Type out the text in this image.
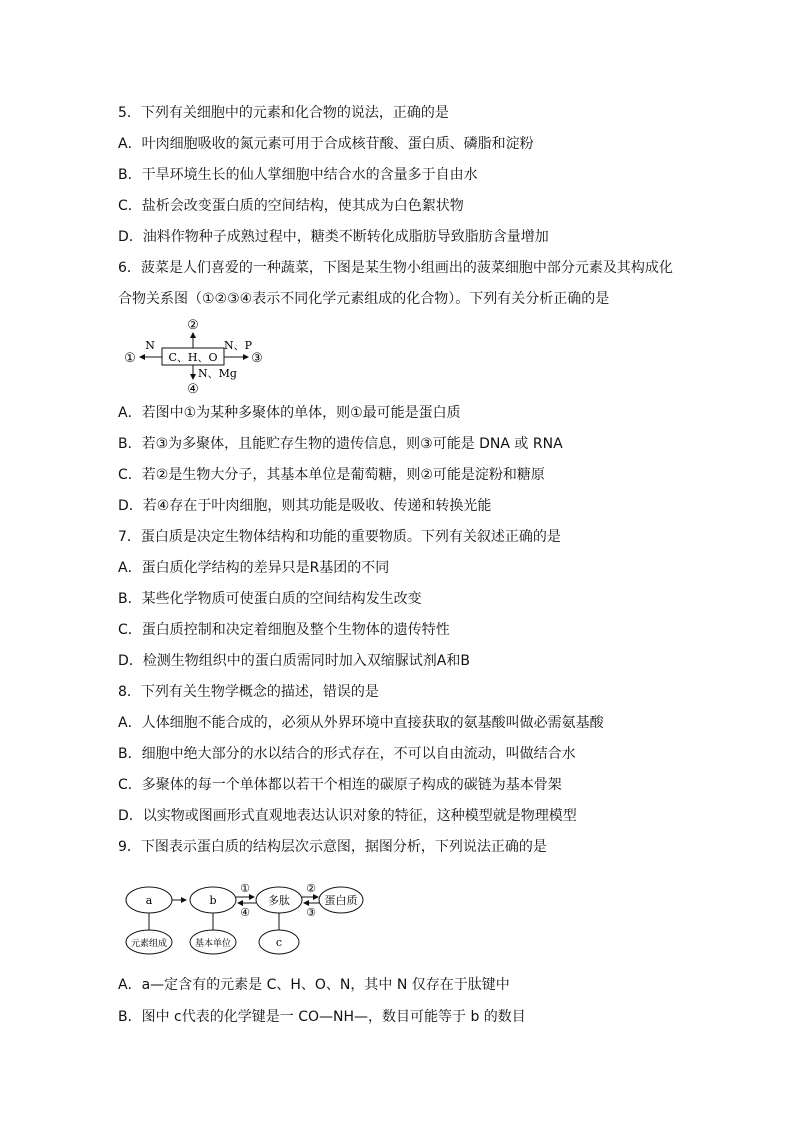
5．下列有关细胞中的元素和化合物的说法，正确的是
A．叶肉细胞吸收的氮元素可用于合成核苷酸、蛋白质、磷脂和淀粉
B．干旱环境生长的仙人掌细胞中结合水的含量多于自由水
C．盐析会改变蛋白质的空间结构，使其成为白色絮状物
D．油料作物种子成熟过程中，糖类不断转化成脂肪导致脂肪含量增加
6．菠菜是人们喜爱的一种蔬菜，下图是某生物小组画出的菠菜细胞中部分元素及其构成化
合物关系图（①②③④表示不同化学元素组成的化合物）。下列有关分析正确的是
C、H、O
②
①
N
③
N、P
④
N、Mg
A．若图中①为某种多聚体的单体，则①最可能是蛋白质
B．若③为多聚体，且能贮存生物的遗传信息，则③可能是 DNA 或 RNA
C．若②是生物大分子，其基本单位是葡萄糖，则②可能是淀粉和糖原
D．若④存在于叶肉细胞，则其功能是吸收、传递和转换光能
7．蛋白质是决定生物体结构和功能的重要物质。下列有关叙述正确的是
A．蛋白质化学结构的差异只是R基团的不同
B．某些化学物质可使蛋白质的空间结构发生改变
C．蛋白质控制和决定着细胞及整个生物体的遗传特性
D．检测生物组织中的蛋白质需同时加入双缩脲试剂A和B
8．下列有关生物学概念的描述，错误的是
A．人体细胞不能合成的，必须从外界环境中直接获取的氨基酸叫做必需氨基酸
B．细胞中绝大部分的水以结合的形式存在，不可以自由流动，叫做结合水
C．多聚体的每一个单体都以若干个相连的碳原子构成的碳链为基本骨架
D．以实物或图画形式直观地表达认识对象的特征，这种模型就是物理模型
9．下图表示蛋白质的结构层次示意图，据图分析，下列说法正确的是
a	b
①
④
多肽
②
③
蛋白质
元素组成	基本单位	c
A．a—定含有的元素是 C、H、O、N，其中 N 仅存在于肽键中
B．图中 c代表的化学键是一 CO—NH—，数目可能等于 b 的数目
